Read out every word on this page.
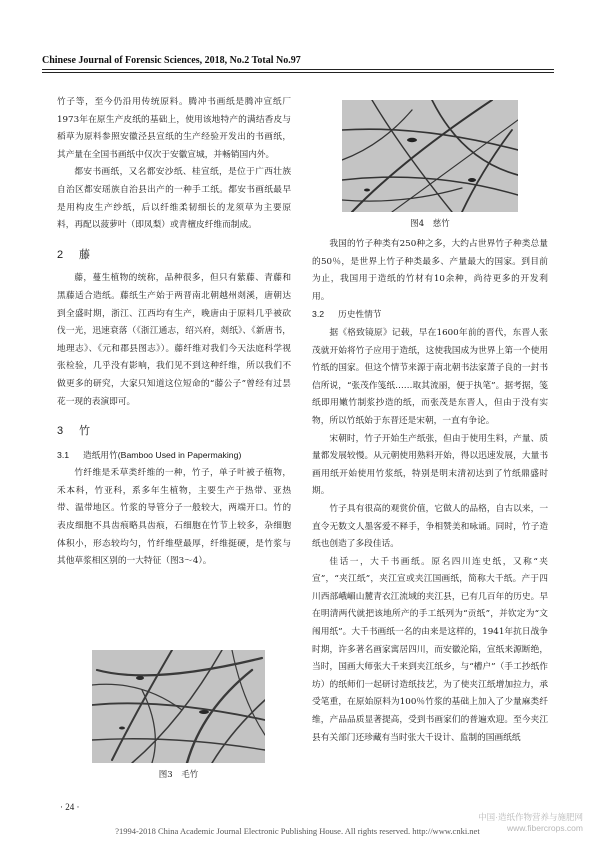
Chinese Journal of Forensic Sciences, 2018, No.2 Total No.97

竹子等，至今仍沿用传统原料。腾冲书画纸是腾冲宣纸厂1973年在原生产皮纸的基础上，使用该地特产的满结香皮与稻草为原料参照安徽泾县宣纸的生产经验开发出的书画纸，其产量在全国书画纸中仅次于安徽宣城，并畅销国内外。

都安书画纸，又名都安沙纸、桂宣纸，是位于广西壮族自治区都安瑶族自治县出产的一种手工纸。都安书画纸最早是用构皮生产纱纸，后以纤维柔韧细长的龙须草为主要原料，再配以菠萝叶（即凤梨）或青檀皮纤维而制成。

2 藤

藤，蔓生植物的统称，品种很多，但只有紫藤、青藤和黑藤适合造纸。藤纸生产始于两晋南北朝越州剡溪，唐朝达到全盛时期，浙江、江西均有生产，晚唐由于原料几乎被砍伐一光，迅速衰落（《浙江通志，绍兴府，剡纸》、《新唐书，地理志》、《元和郡县图志》）。藤纤维对我们今天法庭科学视张检验，几乎没有影响，我们见不到这种纤维，所以我们不做更多的研究，大家只知道这位短命的“藤公子”曾经有过昙花一现的表演即可。

3 竹
3.1 造纸用竹(Bamboo Used in Papermaking)

竹纤维是禾草类纤维的一种，竹子，单子叶被子植物，禾本科，竹亚科，系多年生植物，主要生产于热带、亚热带、温带地区。竹浆的导管分子一般较大，两端开口。竹的表皮细胞不具齿痕略具齿痕，石细胞在竹节上较多，杂细胞体积小，形态较均匀，竹纤维壁最厚，纤维挺硬，是竹浆与其他草浆相区别的一大特征（图3～4）。

图3　毛竹
图4　慈竹

我国的竹子种类有250种之多，大约占世界竹子种类总量的50％，是世界上竹子种类最多、产量最大的国家。到目前为止，我国用于造纸的竹材有10余种，尚待更多的开发利用。

3.2 历史性情节

据《格致镜原》记载，早在1600年前的晋代，东晋人张茂就开始将竹子应用于造纸，这使我国成为世界上第一个使用竹纸的国家。但这个情节来源于南北朝书法家萧子良的一封书信所说，“张茂作笺纸……取其流丽，便于执笔”。据考据，笺纸即用嫩竹制浆抄造的纸，而张茂是东晋人，但由于没有实物，所以竹纸始于东晋还是宋朝，一直有争论。

宋朝时，竹子开始生产纸张，但由于使用生料，产量、质量都发展较慢。从元朝使用熟料开始，得以迅速发展，大量书画用纸开始使用竹浆纸，特别是明末清初达到了竹纸鼎盛时期。

竹子具有很高的观赏价值，它做人的品格，自古以来，一直令无数文人墨客爱不释手，争相赞美和咏诵。同时，竹子造纸也创造了多段佳话。

佳话一，大千书画纸。原名四川连史纸，又称“夹宣”，“夹江纸”，夹江宣或夹江国画纸，简称大千纸。产于四川西部峨嵋山麓青衣江流域的夹江县，已有几百年的历史。早在明清两代就把该地所产的手工纸列为“贡纸”，并钦定为“文闱用纸”。大千书画纸一名的由来是这样的，1941年抗日战争时期，许多著名画家寓居四川，而安徽沦陷，宣纸来源断绝，当时，国画大师张大千来到夹江纸乡，与“槽户”（手工抄纸作坊）的纸师们一起研讨造纸技艺，为了使夹江纸增加拉力，承受笔重，在原始原料为100％竹浆的基础上加入了少量麻类纤维，产品品质显著提高，受到书画家们的普遍欢迎。至今夹江县有关部门还珍藏有当时张大千设计、监制的国画纸纸

· 24 ·
中国·造纸作物营养与施肥网
www.fibercrops.com
?1994-2018 China Academic Journal Electronic Publishing House. All rights reserved. http://www.cnki.net
